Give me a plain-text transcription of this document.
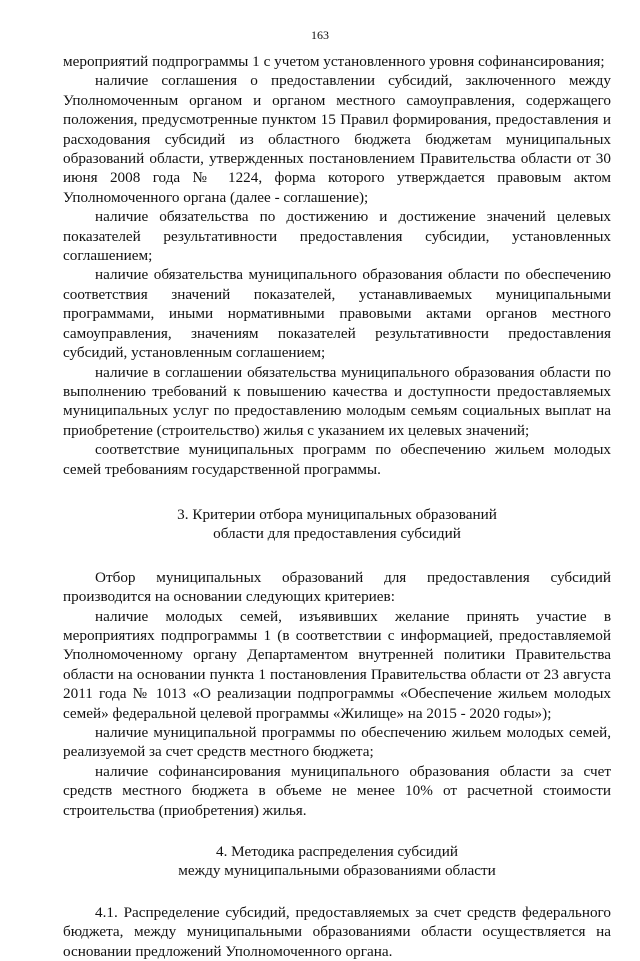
163

мероприятий подпрограммы 1 с учетом установленного уровня софинансирования;

наличие соглашения о предоставлении субсидий, заключенного между Уполномоченным органом и органом местного самоуправления, содержащего положения, предусмотренные пунктом 15 Правил формирования, предоставления и расходования субсидий из областного бюджета бюджетам муниципальных образований области, утвержденных постановлением Правительства области от 30 июня 2008 года № 1224, форма которого утверждается правовым актом Уполномоченного органа (далее - соглашение);

наличие обязательства по достижению и достижение значений целевых показателей результативности предоставления субсидии, установленных соглашением;

наличие обязательства муниципального образования области по обеспечению соответствия значений показателей, устанавливаемых муниципальными программами, иными нормативными правовыми актами органов местного самоуправления, значениям показателей результативности предоставления субсидий, установленным соглашением;

наличие в соглашении обязательства муниципального образования области по выполнению требований к повышению качества и доступности предоставляемых муниципальных услуг по предоставлению молодым семьям социальных выплат на приобретение (строительство) жилья с указанием их целевых значений;

соответствие муниципальных программ по обеспечению жильем молодых семей требованиям государственной программы.

3. Критерии отбора муниципальных образований
области для предоставления субсидий

Отбор муниципальных образований для предоставления субсидий производится на основании следующих критериев:

наличие молодых семей, изъявивших желание принять участие в мероприятиях подпрограммы 1 (в соответствии с информацией, предоставляемой Уполномоченному органу Департаментом внутренней политики Правительства области на основании пункта 1 постановления Правительства области от 23 августа 2011 года № 1013 «О реализации подпрограммы «Обеспечение жильем молодых семей» федеральной целевой программы «Жилище» на 2015 - 2020 годы»);

наличие муниципальной программы по обеспечению жильем молодых семей, реализуемой за счет средств местного бюджета;

наличие софинансирования муниципального образования области за счет средств местного бюджета в объеме не менее 10% от расчетной стоимости строительства (приобретения) жилья.

4. Методика распределения субсидий
между муниципальными образованиями области

4.1. Распределение субсидий, предоставляемых за счет средств федерального бюджета, между муниципальными образованиями области осуществляется на основании предложений Уполномоченного органа.
